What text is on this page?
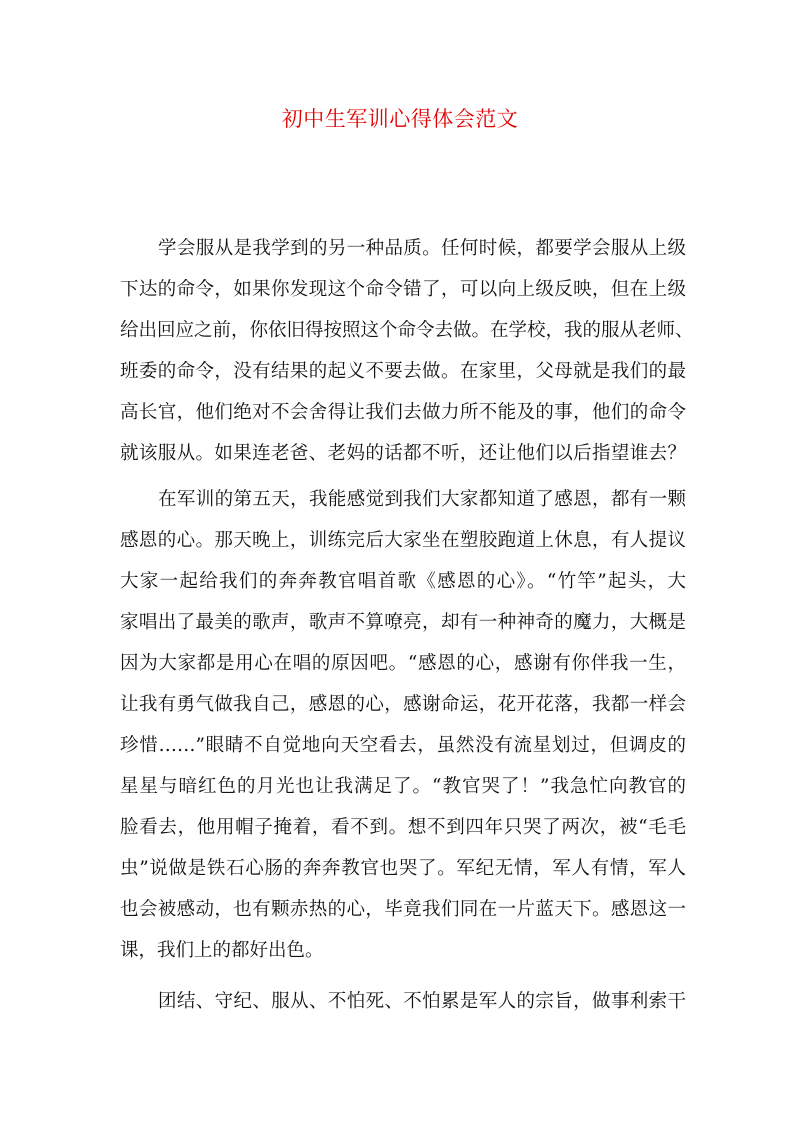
初中生军训心得体会范文
学会服从是我学到的另一种品质。任何时候，都要学会服从上级
下达的命令，如果你发现这个命令错了，可以向上级反映，但在上级
给出回应之前，你依旧得按照这个命令去做。在学校，我的服从老师、
班委的命令，没有结果的起义不要去做。在家里，父母就是我们的最
高长官，他们绝对不会舍得让我们去做力所不能及的事，他们的命令
就该服从。如果连老爸、老妈的话都不听，还让他们以后指望谁去？
在军训的第五天，我能感觉到我们大家都知道了感恩，都有一颗
感恩的心。那天晚上，训练完后大家坐在塑胶跑道上休息，有人提议
大家一起给我们的奔奔教官唱首歌《感恩的心》。“竹竿”起头，大
家唱出了最美的歌声，歌声不算嘹亮，却有一种神奇的魔力，大概是
因为大家都是用心在唱的原因吧。“感恩的心，感谢有你伴我一生，
让我有勇气做我自己，感恩的心，感谢命运，花开花落，我都一样会
珍惜……”眼睛不自觉地向天空看去，虽然没有流星划过，但调皮的
星星与暗红色的月光也让我满足了。“教官哭了！”我急忙向教官的
脸看去，他用帽子掩着，看不到。想不到四年只哭了两次，被“毛毛
虫”说做是铁石心肠的奔奔教官也哭了。军纪无情，军人有情，军人
也会被感动，也有颗赤热的心，毕竟我们同在一片蓝天下。感恩这一
课，我们上的都好出色。
团结、守纪、服从、不怕死、不怕累是军人的宗旨，做事利索干
